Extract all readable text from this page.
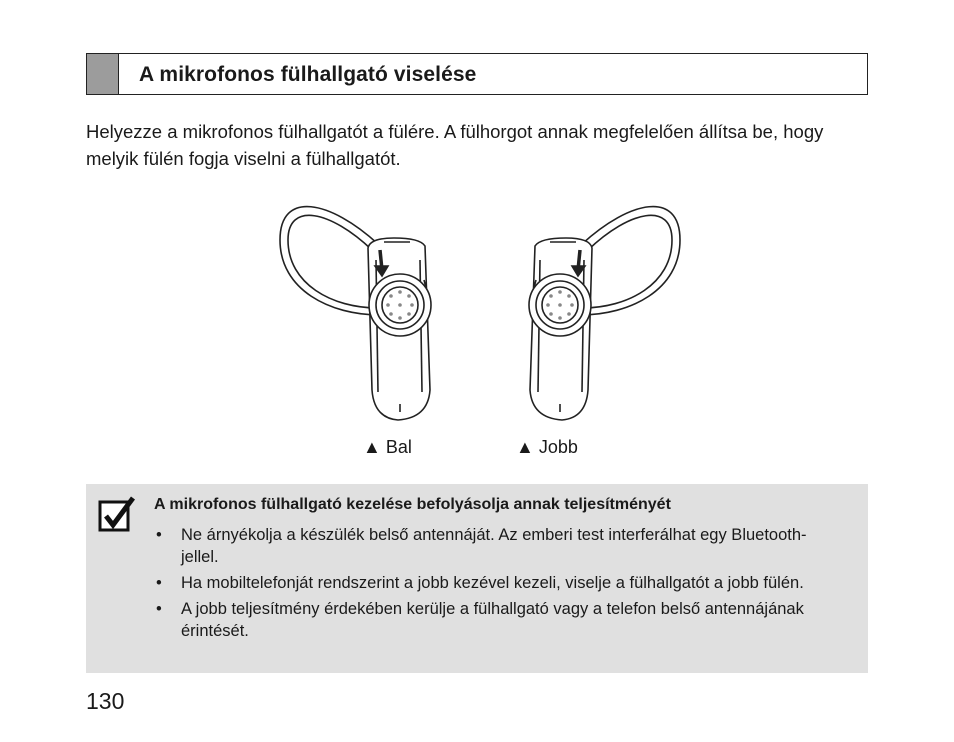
A mikrofonos fülhallgató viselése
Helyezze a mikrofonos fülhallgatót a fülére. A fülhorgot annak megfelelően állítsa be, hogy melyik fülén fogja viselni a fülhallgatót.
▲ Bal	▲ Jobb
A mikrofonos fülhallgató kezelése befolyásolja annak teljesítményét
• Ne árnyékolja a készülék belső antennáját. Az emberi test interferálhat egy Bluetooth-jellel.
• Ha mobiltelefonját rendszerint a jobb kezével kezeli, viselje a fülhallgatót a jobb fülén.
• A jobb teljesítmény érdekében kerülje a fülhallgató vagy a telefon belső antennájának érintését.
130
